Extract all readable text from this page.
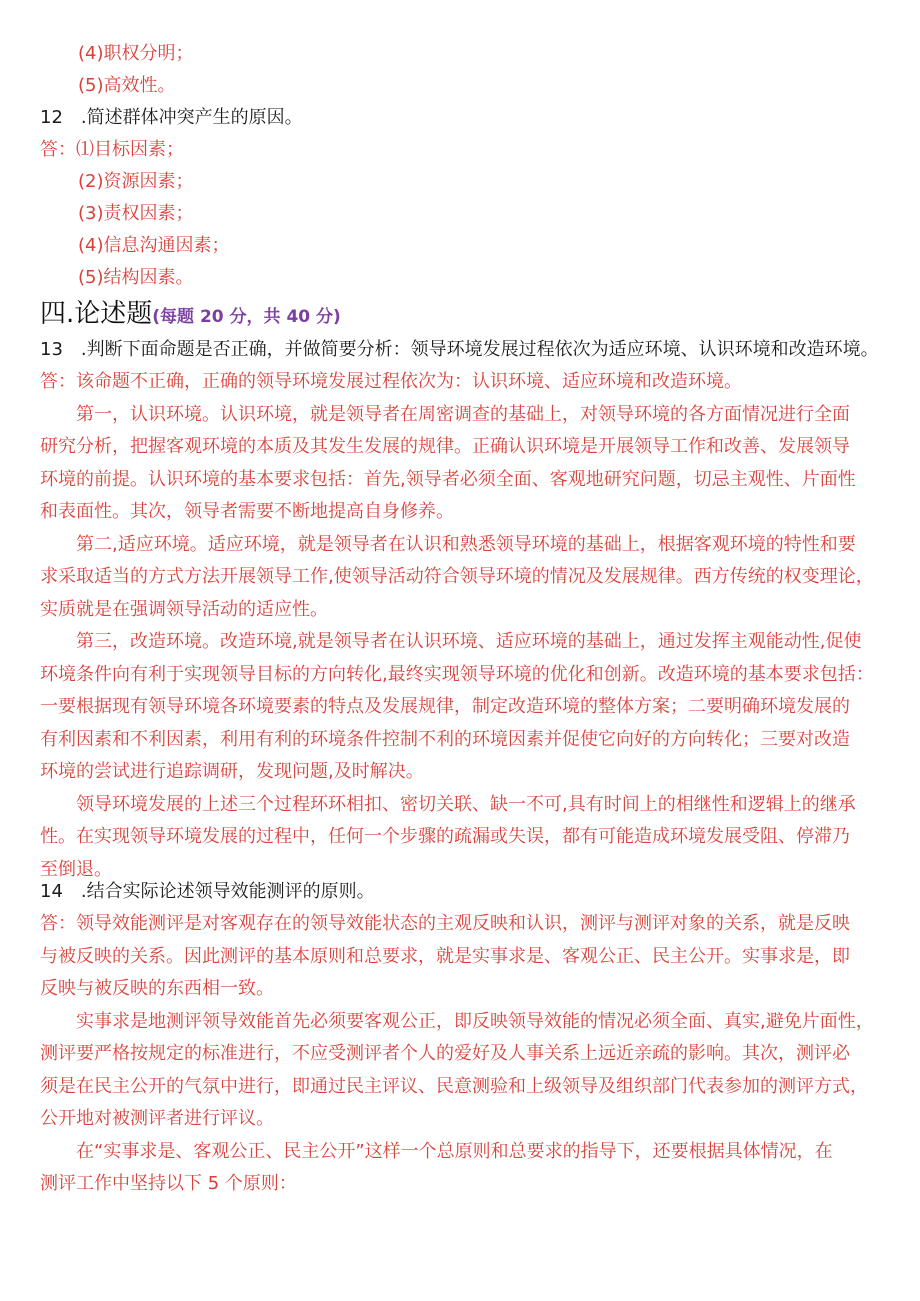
(4)职权分明；
(5)高效性。
12　.简述群体冲突产生的原因。
答：⑴目标因素；
(2)资源因素；
(3)责权因素；
(4)信息沟通因素；
(5)结构因素。
四.论述题(每题 20 分，共 40 分)
13　.判断下面命题是否正确，并做简要分析：领导环境发展过程依次为适应环境、认识环境和改造环境。
答：该命题不正确，正确的领导环境发展过程依次为：认识环境、适应环境和改造环境。
　　第一，认识环境。认识环境，就是领导者在周密调查的基础上，对领导环境的各方面情况进行全面
研究分析，把握客观环境的本质及其发生发展的规律。正确认识环境是开展领导工作和改善、发展领导
环境的前提。认识环境的基本要求包括：首先,领导者必须全面、客观地研究问题，切忌主观性、片面性
和表面性。其次，领导者需要不断地提高自身修养。
　　第二,适应环境。适应环境，就是领导者在认识和熟悉领导环境的基础上，根据客观环境的特性和要
求采取适当的方式方法开展领导工作,使领导活动符合领导环境的情况及发展规律。西方传统的权变理论，
实质就是在强调领导活动的适应性。
　　第三，改造环境。改造环境,就是领导者在认识环境、适应环境的基础上，通过发挥主观能动性,促使
环境条件向有利于实现领导目标的方向转化,最终实现领导环境的优化和创新。改造环境的基本要求包括：
一要根据现有领导环境各环境要素的特点及发展规律，制定改造环境的整体方案；二要明确环境发展的
有利因素和不利因素，利用有利的环境条件控制不利的环境因素并促使它向好的方向转化；三要对改造
环境的尝试进行追踪调研，发现问题,及时解决。
　　领导环境发展的上述三个过程环环相扣、密切关联、缺一不可,具有时间上的相继性和逻辑上的继承
性。在实现领导环境发展的过程中，任何一个步骤的疏漏或失误，都有可能造成环境发展受阻、停滞乃
至倒退。
14　.结合实际论述领导效能测评的原则。
答：领导效能测评是对客观存在的领导效能状态的主观反映和认识，测评与测评对象的关系，就是反映
与被反映的关系。因此测评的基本原则和总要求，就是实事求是、客观公正、民主公开。实事求是，即
反映与被反映的东西相一致。
　　实事求是地测评领导效能首先必须要客观公正，即反映领导效能的情况必须全面、真实,避免片面性，
测评要严格按规定的标准进行，不应受测评者个人的爱好及人事关系上远近亲疏的影响。其次，测评必
须是在民主公开的气氛中进行，即通过民主评议、民意测验和上级领导及组织部门代表参加的测评方式，
公开地对被测评者进行评议。
　　在“实事求是、客观公正、民主公开”这样一个总原则和总要求的指导下，还要根据具体情况，在
测评工作中坚持以下 5 个原则：
